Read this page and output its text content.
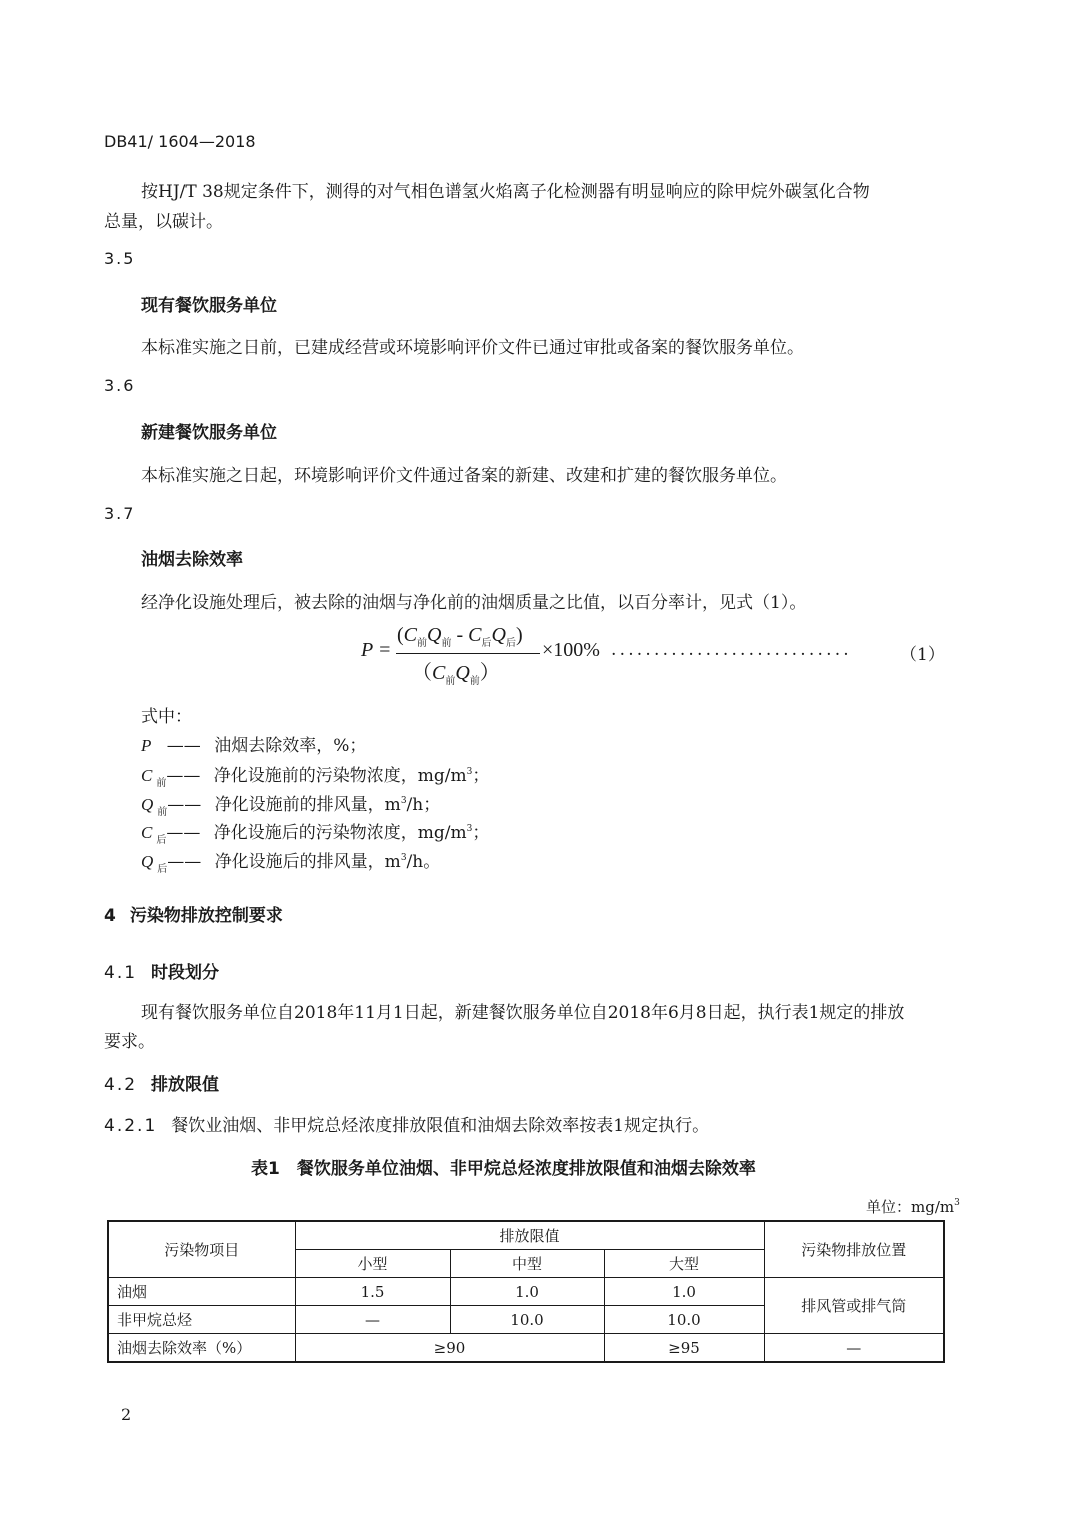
DB41/ 1604—2018
按HJ/T 38规定条件下，测得的对气相色谱氢火焰离子化检测器有明显响应的除甲烷外碳氢化合物
总量，以碳计。
3.5
现有餐饮服务单位
本标准实施之日前，已建成经营或环境影响评价文件已通过审批或备案的餐饮服务单位。
3.6
新建餐饮服务单位
本标准实施之日起，环境影响评价文件通过备案的新建、改建和扩建的餐饮服务单位。
3.7
油烟去除效率
经净化设施处理后，被去除的油烟与净化前的油烟质量之比值，以百分率计，见式（1）。
P =
$(C_前Q_前 - C_后Q_后)$
$(C_前Q_前)$
×100% ............................	（1）
式中：
P —— 油烟去除效率，%；
C $_前$—— 净化设施前的污染物浓度，$mg/m^3$；
Q $_前$—— 净化设施前的排风量，$m^3/h$；
C $_后$—— 净化设施后的污染物浓度，$mg/m^3$；
Q $_后$—— 净化设施后的排风量，$m^3/h$。
4 污染物排放控制要求
4.1 时段划分
现有餐饮服务单位自2018年11月1日起，新建餐饮服务单位自2018年6月8日起，执行表1规定的排放
要求。
4.2 排放限值
4.2.1 餐饮业油烟、非甲烷总烃浓度排放限值和油烟去除效率按表1规定执行。
表1　餐饮服务单位油烟、非甲烷总烃浓度排放限值和油烟去除效率
单位：$mg/m^3$
污染物项目	排放限值			污染物排放位置
	小型	中型	大型	
油烟	1.5	1.0	1.0	排风管或排气筒
非甲烷总烃	—	10.0	10.0	
油烟去除效率（%）	≥90		≥95	—
2
